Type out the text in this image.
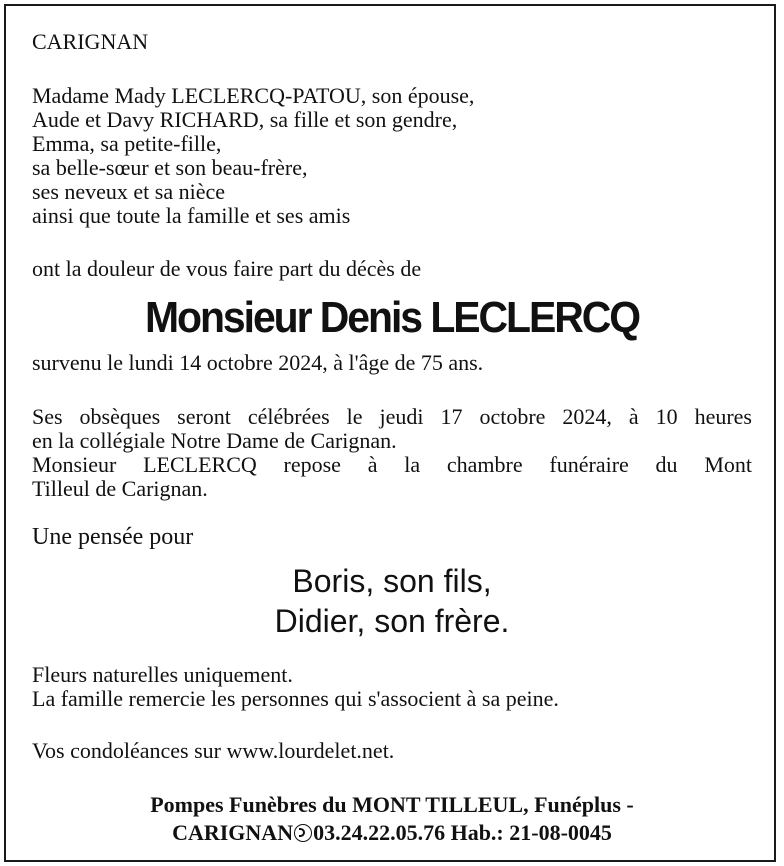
CARIGNAN

Madame Mady LECLERCQ-PATOU, son épouse,

Aude et Davy RICHARD, sa fille et son gendre,

Emma, sa petite-fille,

sa belle-sœur et son beau-frère,

ses neveux et sa nièce

ainsi que toute la famille et ses amis

ont la douleur de vous faire part du décès de

Monsieur Denis LECLERCQ

survenu le lundi 14 octobre 2024, à l'âge de 75 ans.

Ses obsèques seront célébrées le jeudi 17 octobre 2024, à 10 heures

en la collégiale Notre Dame de Carignan.

Monsieur LECLERCQ repose à la chambre funéraire du Mont

Tilleul de Carignan.

Une pensée pour

Boris, son fils,

Didier, son frère.

Fleurs naturelles uniquement.

La famille remercie les personnes qui s'associent à sa peine.

Vos condoléances sur www.lourdelet.net.

Pompes Funèbres du MONT TILLEUL, Funéplus -

CARIGNAN 03.24.22.05.76 Hab.: 21-08-0045
